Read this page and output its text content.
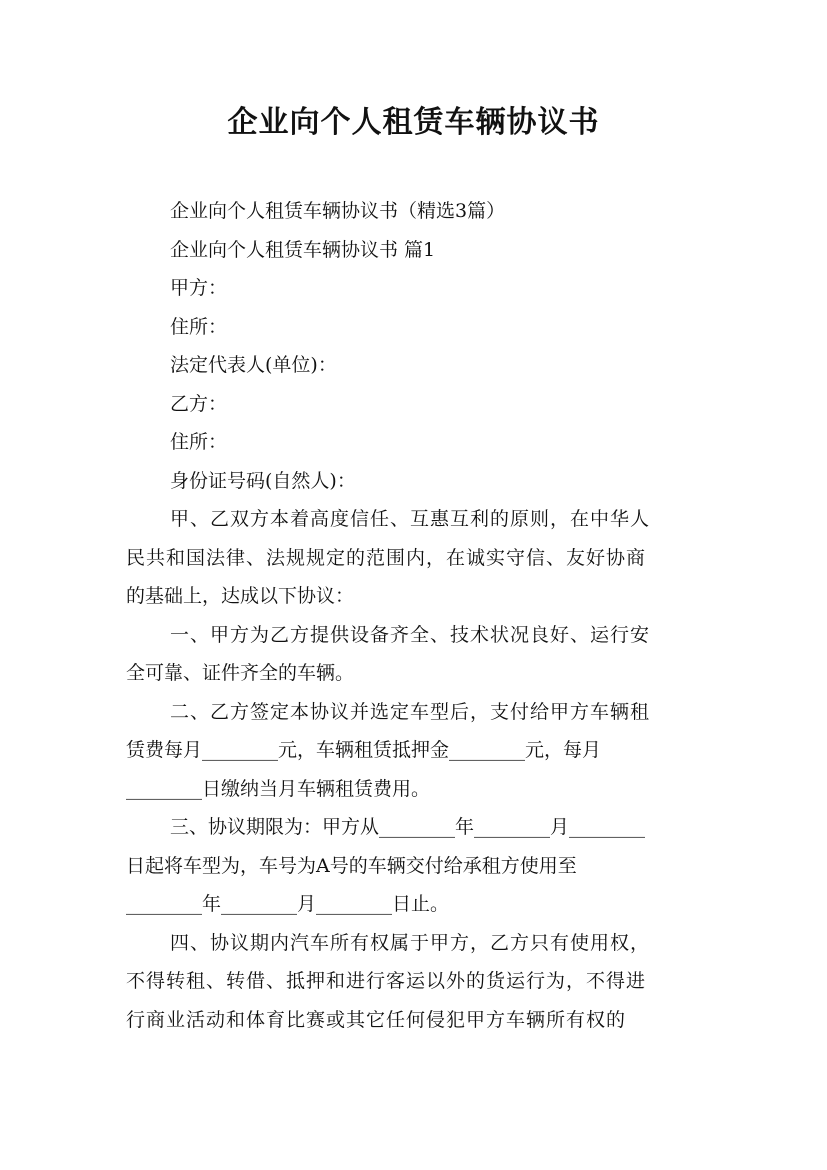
企业向个人租赁车辆协议书
企业向个人租赁车辆协议书（精选3篇）
企业向个人租赁车辆协议书 篇1
甲方：
住所：
法定代表人(单位)：
乙方：
住所：
身份证号码(自然人)：
甲、乙双方本着高度信任、互惠互利的原则，在中华人
民共和国法律、法规规定的范围内，在诚实守信、友好协商
的基础上，达成以下协议：
一、甲方为乙方提供设备齐全、技术状况良好、运行安
全可靠、证件齐全的车辆。
二、乙方签定本协议并选定车型后，支付给甲方车辆租
赁费每月________元，车辆租赁抵押金________元，每月
________日缴纳当月车辆租赁费用。
三、协议期限为：甲方从________年________月________
日起将车型为，车号为A号的车辆交付给承租方使用至
________年________月________日止。
四、协议期内汽车所有权属于甲方，乙方只有使用权，
不得转租、转借、抵押和进行客运以外的货运行为，不得进
行商业活动和体育比赛或其它任何侵犯甲方车辆所有权的
